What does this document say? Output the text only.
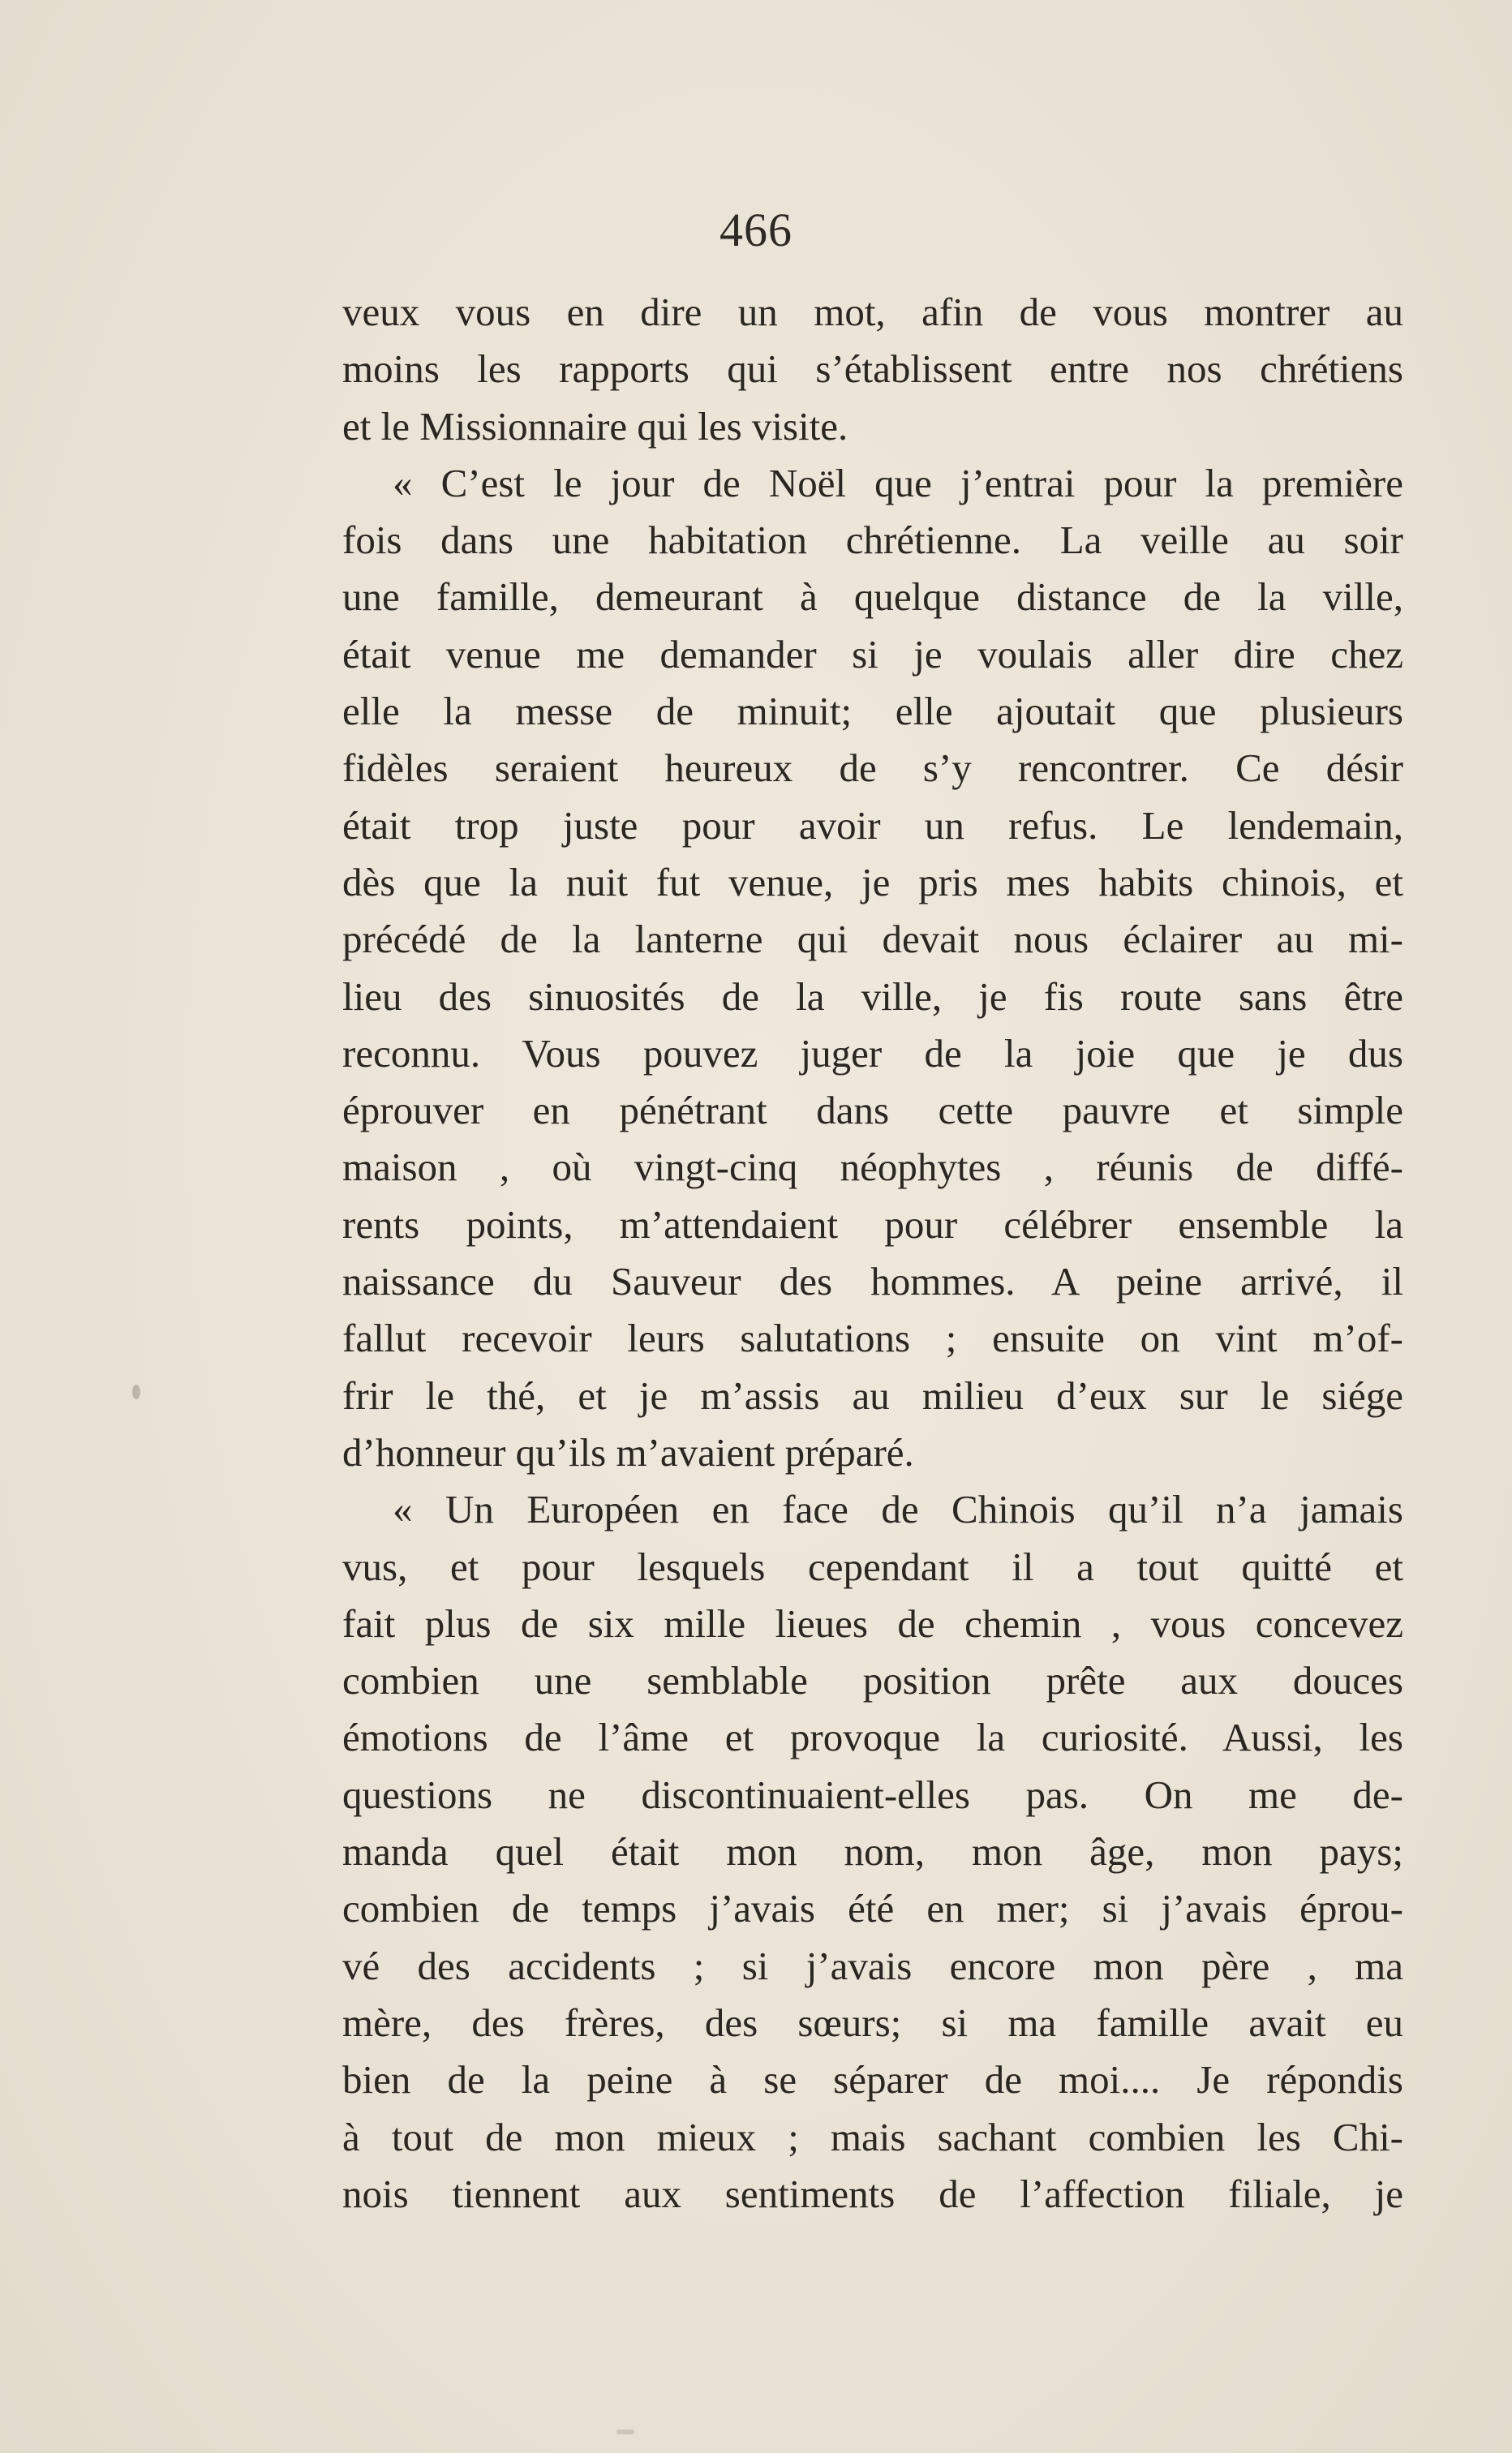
466
veux vous en dire un mot, afin de vous montrer au
moins les rapports qui s’établissent entre nos chrétiens
et le Missionnaire qui les visite.
« C’est le jour de Noël que j’entrai pour la première
fois dans une habitation chrétienne. La veille au soir
une famille, demeurant à quelque distance de la ville,
était venue me demander si je voulais aller dire chez
elle la messe de minuit; elle ajoutait que plusieurs
fidèles seraient heureux de s’y rencontrer. Ce désir
était trop juste pour avoir un refus. Le lendemain,
dès que la nuit fut venue, je pris mes habits chinois, et
précédé de la lanterne qui devait nous éclairer au mi-
lieu des sinuosités de la ville, je fis route sans être
reconnu. Vous pouvez juger de la joie que je dus
éprouver en pénétrant dans cette pauvre et simple
maison , où vingt-cinq néophytes , réunis de diffé-
rents points, m’attendaient pour célébrer ensemble la
naissance du Sauveur des hommes. A peine arrivé, il
fallut recevoir leurs salutations ; ensuite on vint m’of-
frir le thé, et je m’assis au milieu d’eux sur le siége
d’honneur qu’ils m’avaient préparé.
« Un Européen en face de Chinois qu’il n’a jamais
vus, et pour lesquels cependant il a tout quitté et
fait plus de six mille lieues de chemin , vous concevez
combien une semblable position prête aux douces
émotions de l’âme et provoque la curiosité. Aussi, les
questions ne discontinuaient-elles pas. On me de-
manda quel était mon nom, mon âge, mon pays;
combien de temps j’avais été en mer; si j’avais éprou-
vé des accidents ; si j’avais encore mon père , ma
mère, des frères, des sœurs; si ma famille avait eu
bien de la peine à se séparer de moi.... Je répondis
à tout de mon mieux ; mais sachant combien les Chi-
nois tiennent aux sentiments de l’affection filiale, je
